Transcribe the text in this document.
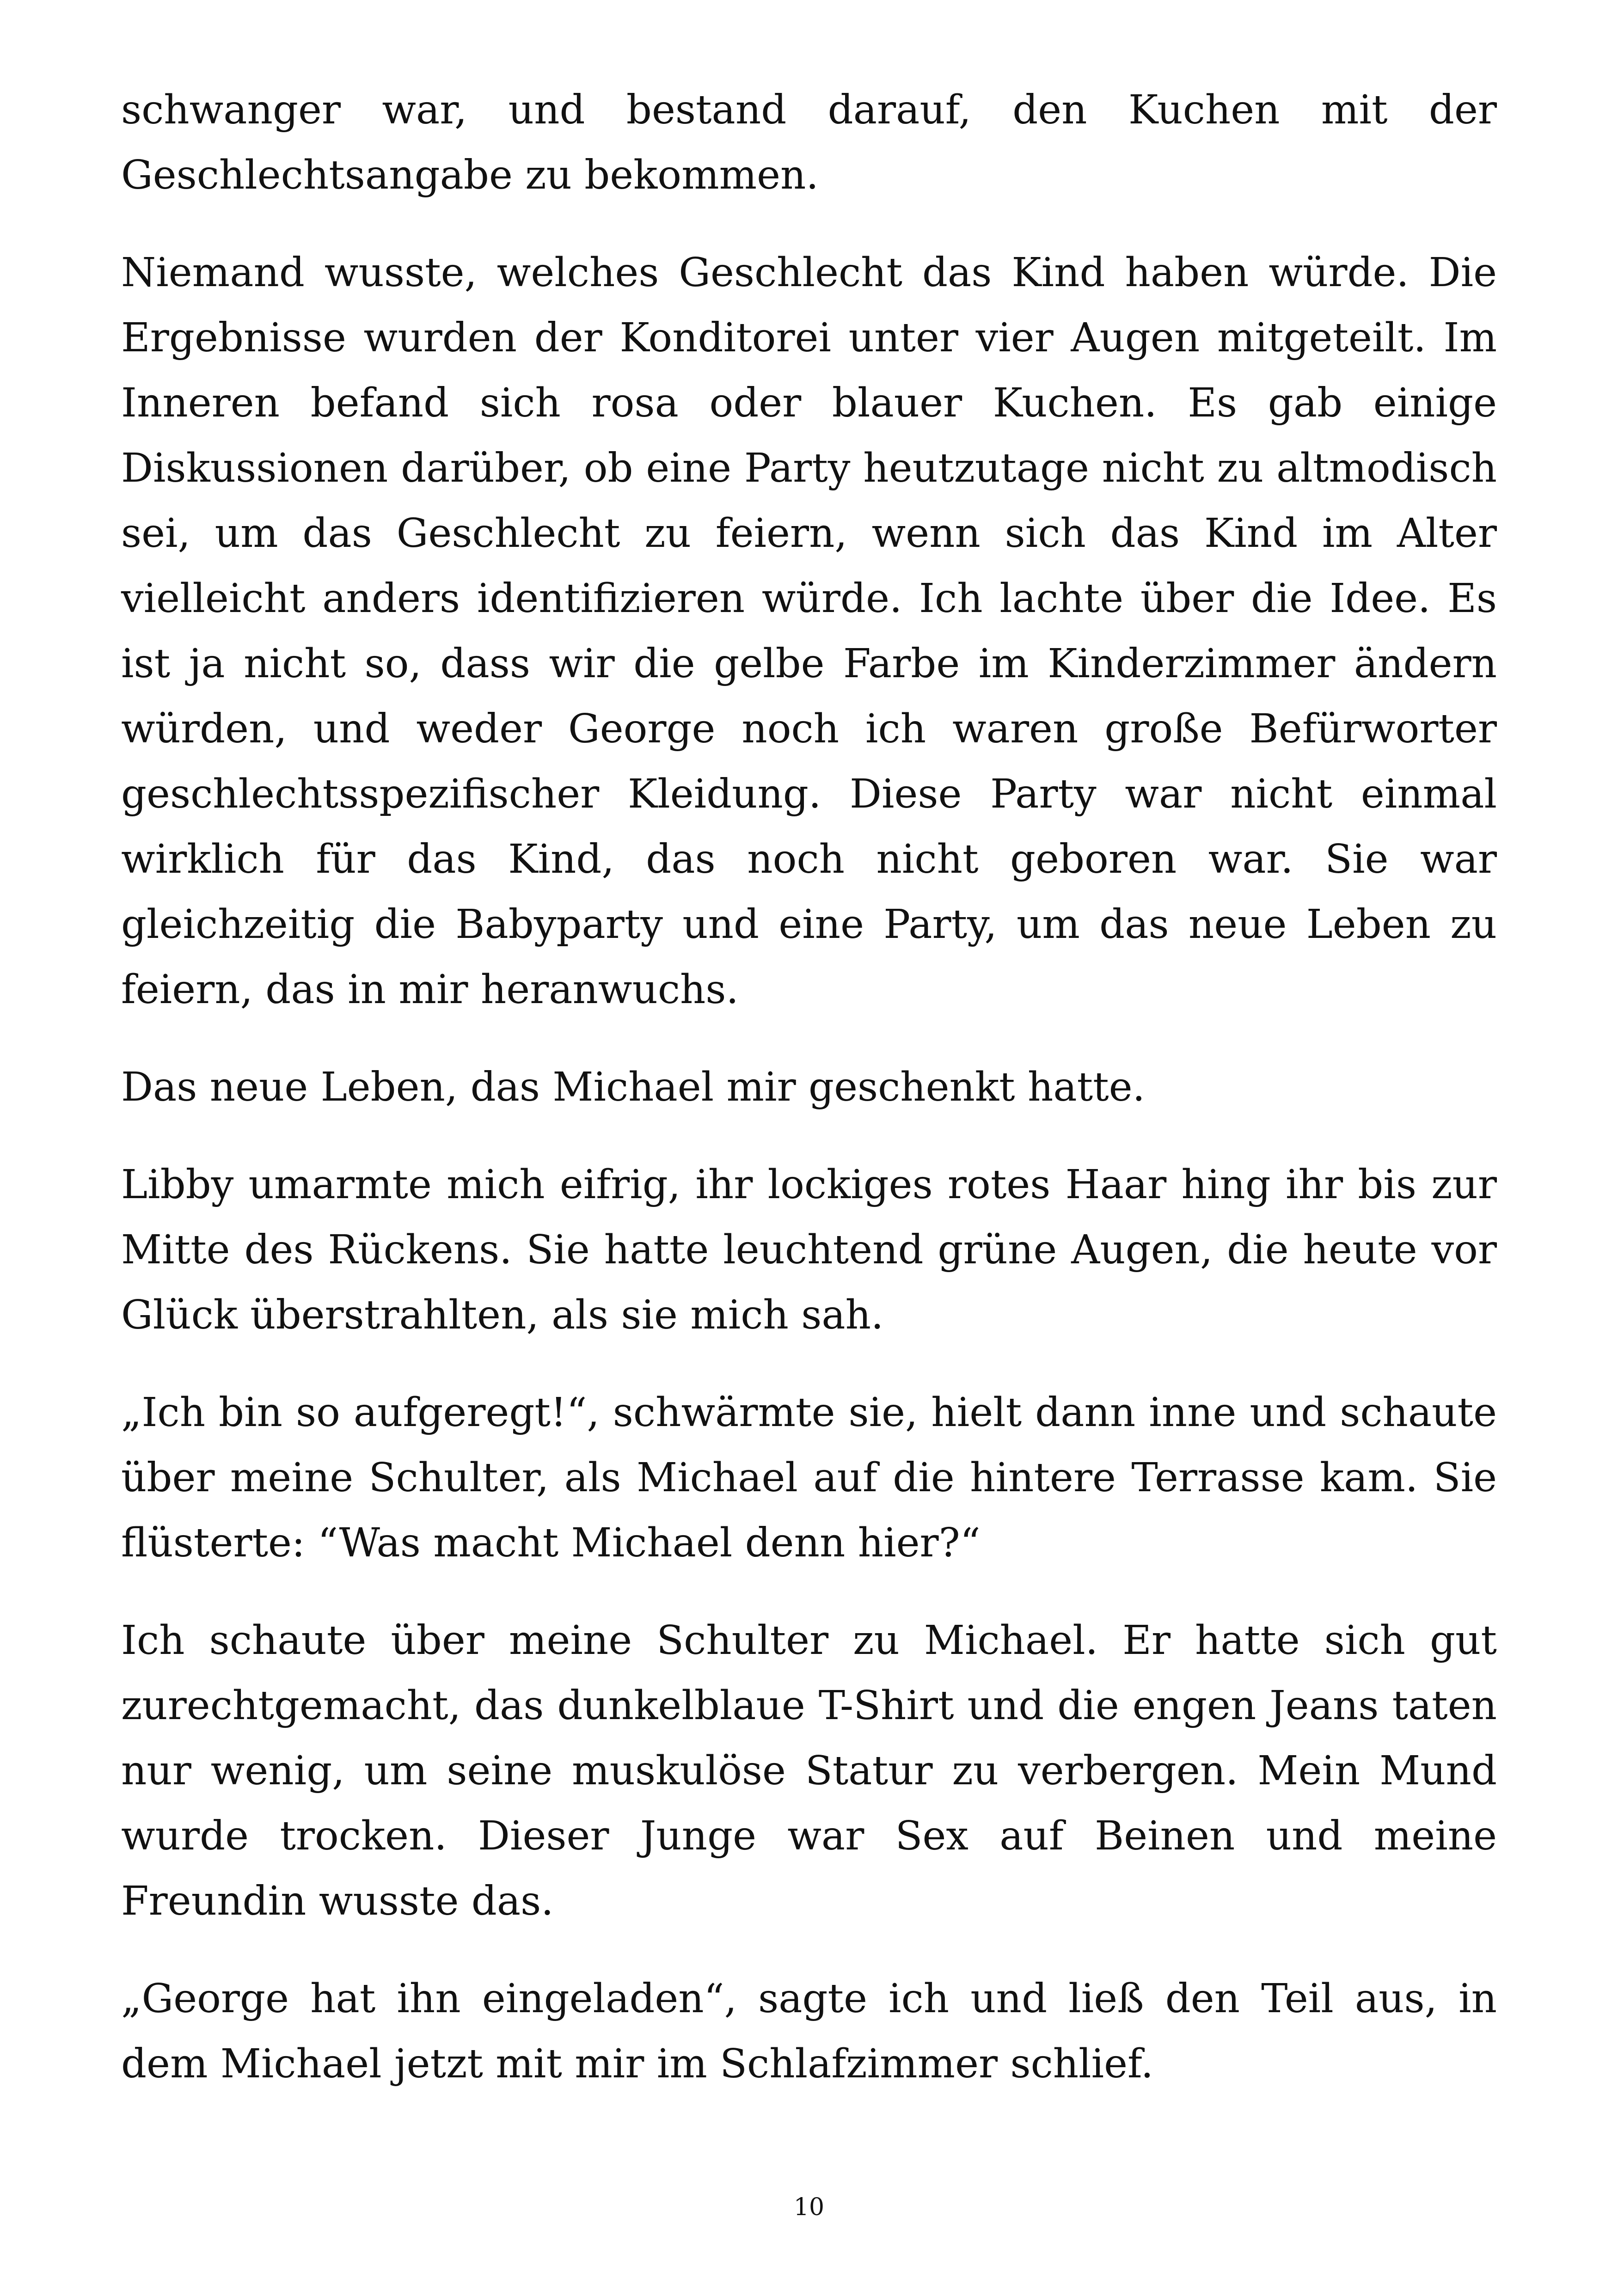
schwanger war, und bestand darauf, den Kuchen mit der Geschlechtsangabe zu bekommen.

Niemand wusste, welches Geschlecht das Kind haben würde. Die Ergebnisse wurden der Konditorei unter vier Augen mitgeteilt. Im Inneren befand sich rosa oder blauer Kuchen. Es gab einige Diskussionen darüber, ob eine Party heutzutage nicht zu altmodisch sei, um das Geschlecht zu feiern, wenn sich das Kind im Alter vielleicht anders identifizieren würde. Ich lachte über die Idee. Es ist ja nicht so, dass wir die gelbe Farbe im Kinderzimmer ändern würden, und weder George noch ich waren große Befürworter geschlechtsspezifischer Kleidung. Diese Party war nicht einmal wirklich für das Kind, das noch nicht geboren war. Sie war gleichzeitig die Babyparty und eine Party, um das neue Leben zu feiern, das in mir heranwuchs.

Das neue Leben, das Michael mir geschenkt hatte.

Libby umarmte mich eifrig, ihr lockiges rotes Haar hing ihr bis zur Mitte des Rückens. Sie hatte leuchtend grüne Augen, die heute vor Glück überstrahlten, als sie mich sah.

„Ich bin so aufgeregt!“, schwärmte sie, hielt dann inne und schaute über meine Schulter, als Michael auf die hintere Terrasse kam. Sie flüsterte: “Was macht Michael denn hier?“

Ich schaute über meine Schulter zu Michael. Er hatte sich gut zurechtgemacht, das dunkelblaue T-Shirt und die engen Jeans taten nur wenig, um seine muskulöse Statur zu verbergen. Mein Mund wurde trocken. Dieser Junge war Sex auf Beinen und meine Freundin wusste das.

„George hat ihn eingeladen“, sagte ich und ließ den Teil aus, in dem Michael jetzt mit mir im Schlafzimmer schlief.

10
